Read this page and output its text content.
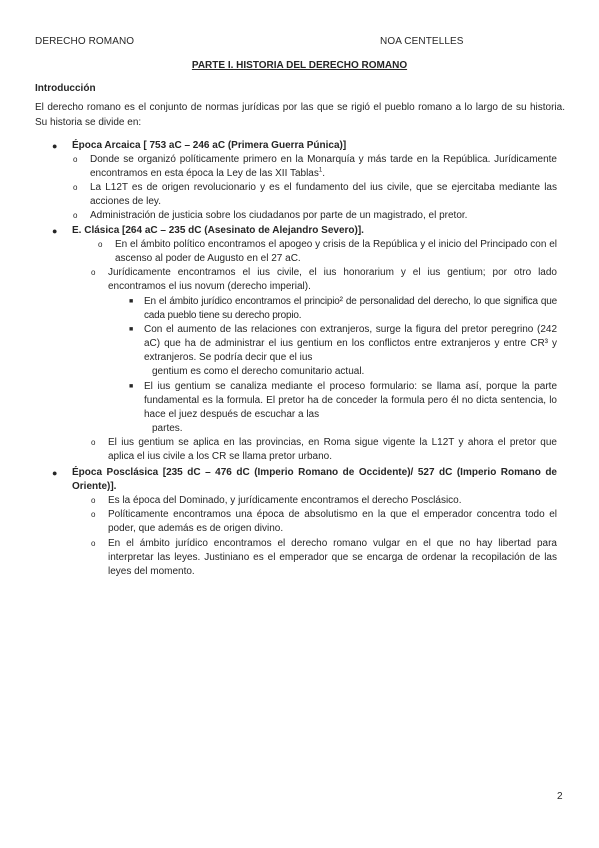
DERECHO ROMANO	NOA CENTELLES
PARTE I. HISTORIA DEL DERECHO ROMANO
Introducción
El derecho romano es el conjunto de normas jurídicas por las que se rigió el pueblo romano a lo largo de su historia. Su historia se divide en:
● Época Arcaica [ 753 aC – 246 aC (Primera Guerra Púnica)]
o Donde se organizó políticamente primero en la Monarquía y más tarde en la República. Jurídicamente encontramos en esta época la Ley de las XII Tablas$^1$.
o La L12T es de origen revolucionario y es el fundamento del ius civile, que se ejercitaba mediante las acciones de ley.
o Administración de justicia sobre los ciudadanos por parte de un magistrado, el pretor.
● E. Clásica [264 aC – 235 dC (Asesinato de Alejandro Severo)].
o En el ámbito político encontramos el apogeo y crisis de la República y el inicio del Principado con el ascenso al poder de Augusto en el 27 aC.
o Jurídicamente encontramos el ius civile, el ius honorarium y el ius gentium; por otro lado encontramos el ius novum (derecho imperial).
■ En el ámbito jurídico encontramos el principio² de personalidad del derecho, lo que significa que cada pueblo tiene su derecho propio.
■ Con el aumento de las relaciones con extranjeros, surge la figura del pretor peregrino (242 aC) que ha de administrar el ius gentium en los conflictos entre extranjeros y entre CR³ y extranjeros. Se podría decir que el ius
gentium es como el derecho comunitario actual.
■ El ius gentium se canaliza mediante el proceso formulario: se llama así, porque la parte fundamental es la formula. El pretor ha de conceder la formula pero él no dicta sentencia, lo hace el juez después de escuchar a las
partes.
o El ius gentium se aplica en las provincias, en Roma sigue vigente la L12T y ahora el pretor que aplica el ius civile a los CR se llama pretor urbano.
● Época Posclásica [235 dC – 476 dC (Imperio Romano de Occidente)/ 527 dC (Imperio Romano de Oriente)].
o Es la época del Dominado, y jurídicamente encontramos el derecho Posclásico.
o Políticamente encontramos una época de absolutismo en la que el emperador concentra todo el poder, que además es de origen divino.
o En el ámbito jurídico encontramos el derecho romano vulgar en el que no hay libertad para interpretar las leyes. Justiniano es el emperador que se encarga de ordenar la recopilación de las leyes del momento.
2
